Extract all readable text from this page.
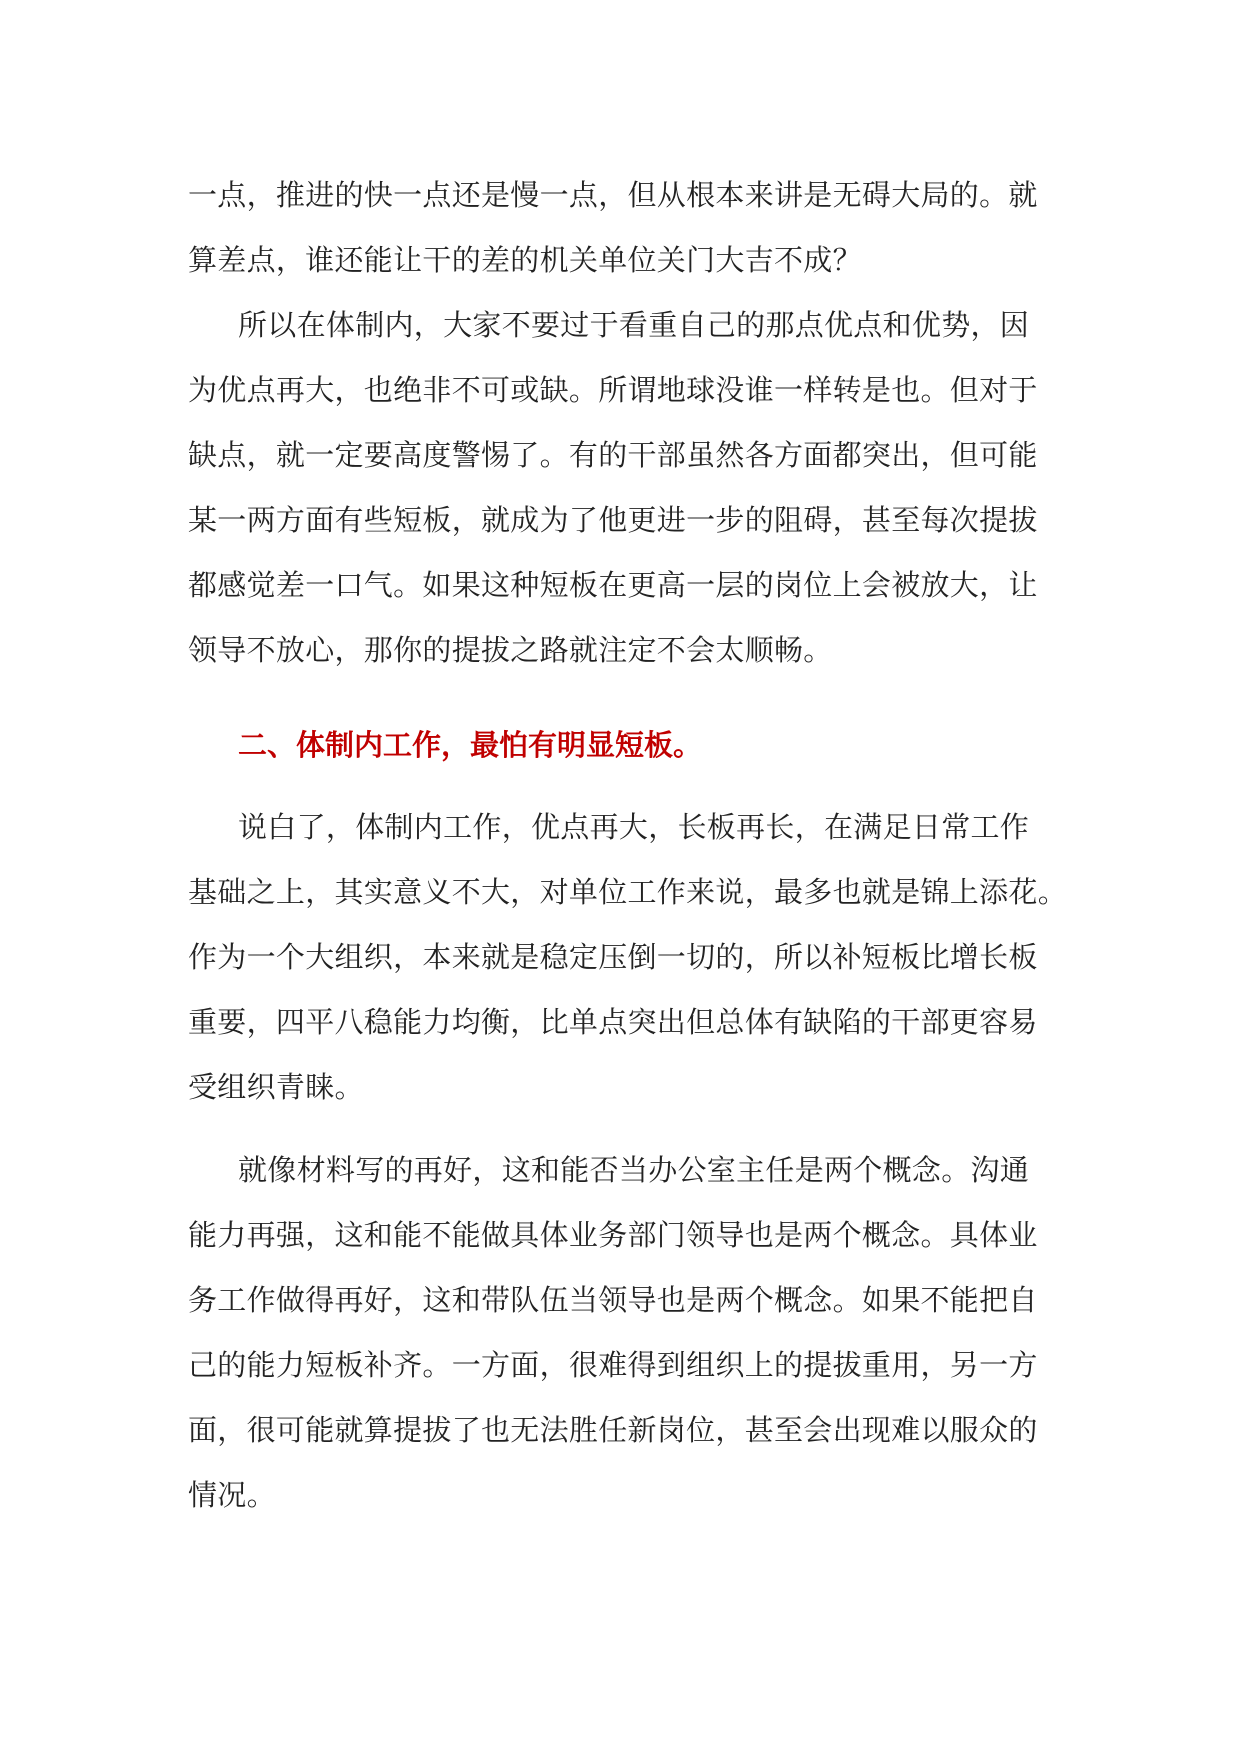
一点，推进的快一点还是慢一点，但从根本来讲是无碍大局的。就
算差点，谁还能让干的差的机关单位关门大吉不成？
所以在体制内，大家不要过于看重自己的那点优点和优势，因
为优点再大，也绝非不可或缺。所谓地球没谁一样转是也。但对于
缺点，就一定要高度警惕了。有的干部虽然各方面都突出，但可能
某一两方面有些短板，就成为了他更进一步的阻碍，甚至每次提拔
都感觉差一口气。如果这种短板在更高一层的岗位上会被放大，让
领导不放心，那你的提拔之路就注定不会太顺畅。
二、体制内工作，最怕有明显短板。
说白了，体制内工作，优点再大，长板再长，在满足日常工作
基础之上，其实意义不大，对单位工作来说，最多也就是锦上添花。
作为一个大组织，本来就是稳定压倒一切的，所以补短板比增长板
重要，四平八稳能力均衡，比单点突出但总体有缺陷的干部更容易
受组织青睐。
就像材料写的再好，这和能否当办公室主任是两个概念。沟通
能力再强，这和能不能做具体业务部门领导也是两个概念。具体业
务工作做得再好，这和带队伍当领导也是两个概念。如果不能把自
己的能力短板补齐。一方面，很难得到组织上的提拔重用，另一方
面，很可能就算提拔了也无法胜任新岗位，甚至会出现难以服众的
情况。
